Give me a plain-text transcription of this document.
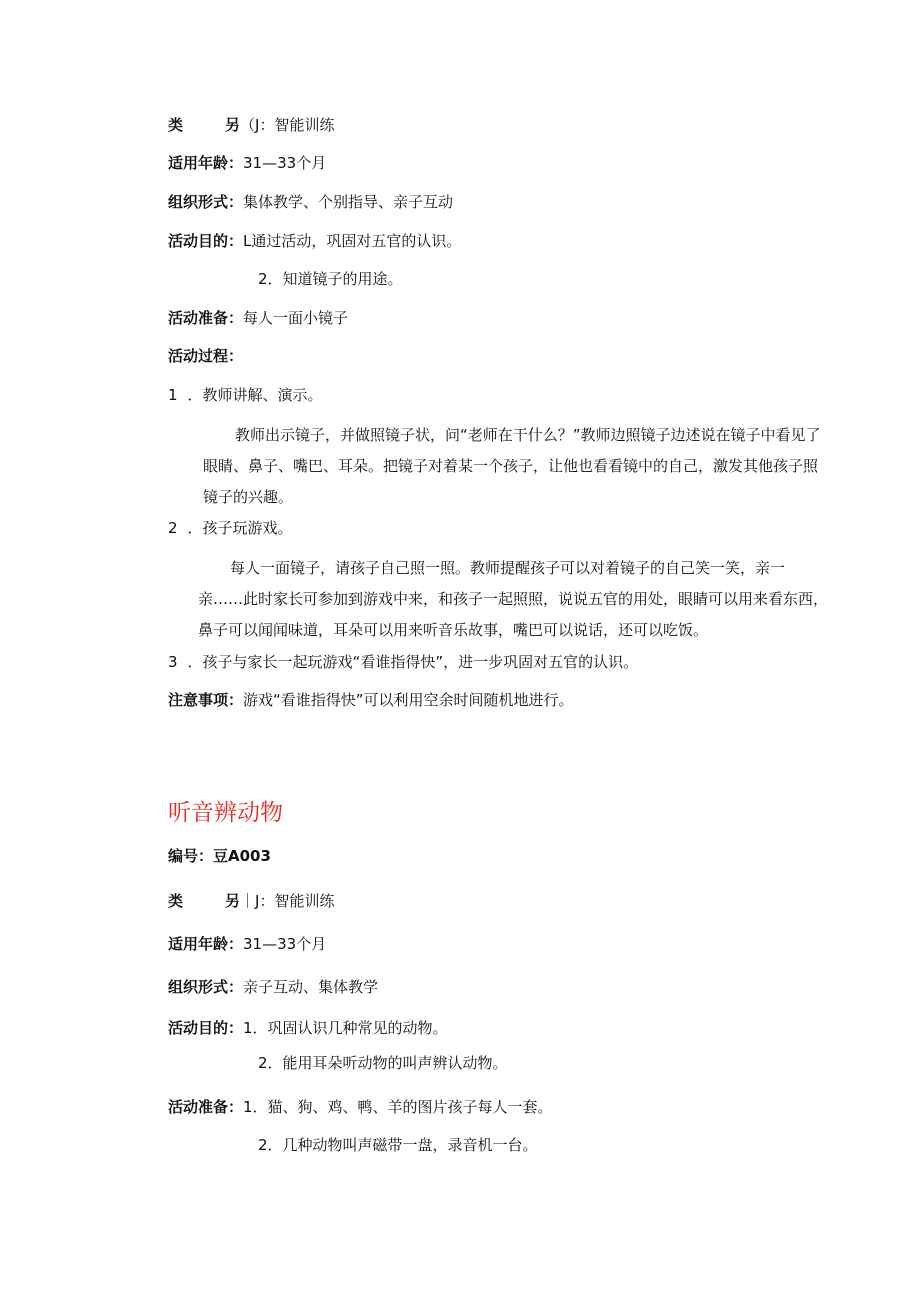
类	另（J：智能训练
适用年龄：31—33个月
组织形式：集体教学、个别指导、亲子互动
活动目的：L通过活动，巩固对五官的认识。
2．知道镜子的用途。
活动准备：每人一面小镜子
活动过程：
1 ．教师讲解、演示。
教师出示镜子，并做照镜子状，问“老师在干什么？”教师边照镜子边述说在镜子中看见了眼睛、鼻子、嘴巴、耳朵。把镜子对着某一个孩子，让他也看看镜中的自己，激发其他孩子照镜子的兴趣。
2 ．孩子玩游戏。
每人一面镜子，请孩子自己照一照。教师提醒孩子可以对着镜子的自己笑一笑，亲一亲……此时家长可参加到游戏中来，和孩子一起照照，说说五官的用处，眼睛可以用来看东西，鼻子可以闻闻味道，耳朵可以用来听音乐故事，嘴巴可以说话，还可以吃饭。
3 ．孩子与家长一起玩游戏“看谁指得快”，进一步巩固对五官的认识。
注意事项：游戏“看谁指得快”可以利用空余时间随机地进行。
听音辨动物
编号：豆A003
类	另｜J：智能训练
适用年龄：31—33个月
组织形式：亲子互动、集体教学
活动目的：1．巩固认识几种常见的动物。
2．能用耳朵听动物的叫声辨认动物。
活动准备：1．猫、狗、鸡、鸭、羊的图片孩子每人一套。
2．几种动物叫声磁带一盘，录音机一台。
